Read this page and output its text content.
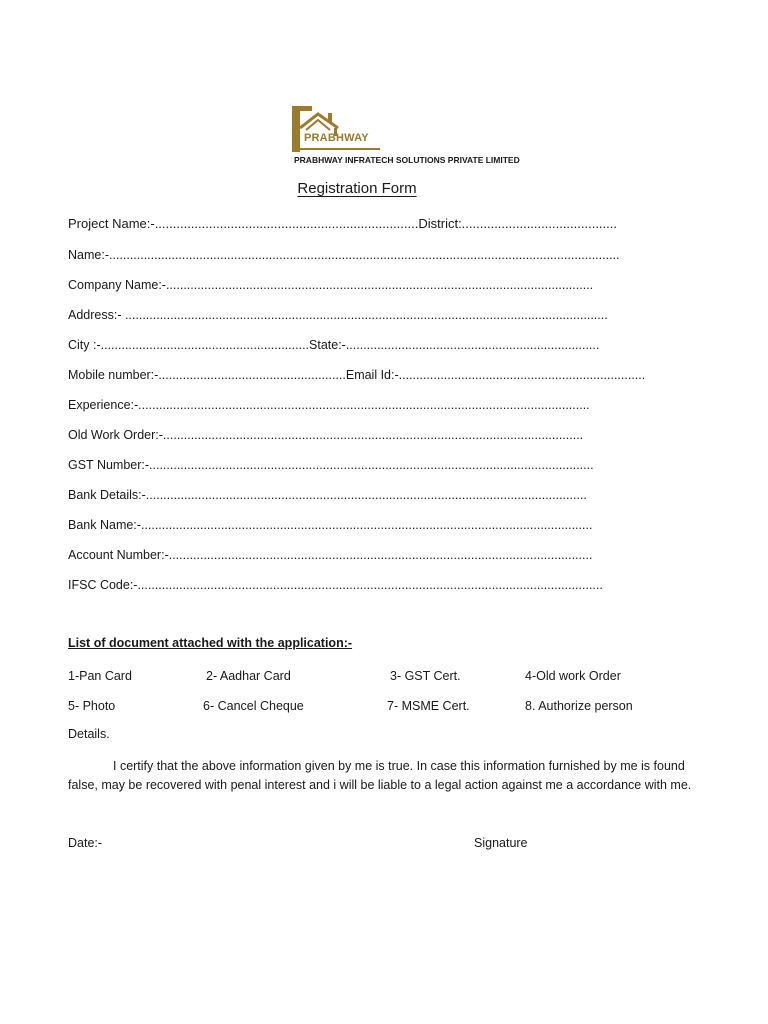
PRABHWAY
PRABHWAY INFRATECH SOLUTIONS PRIVATE LIMITED
Registration Form
Project Name:-.........................................................................District:...........................................
Name:-...................................................................................................................................................
Company Name:-...........................................................................................................................
Address:- ...........................................................................................................................................
City :-............................................................State:-.........................................................................
Mobile number:-......................................................Email Id:-.......................................................................
Experience:-..................................................................................................................................
Old Work Order:-.........................................................................................................................
GST Number:-................................................................................................................................
Bank Details:-...............................................................................................................................
Bank Name:-..................................................................................................................................
Account Number:-..........................................................................................................................
IFSC Code:-......................................................................................................................................
List of document attached with the application:-
1-Pan Card	2- Aadhar Card	3- GST Cert.	4-Old work Order
5- Photo	6- Cancel Cheque	7- MSME Cert.	8. Authorize person
Details.
I certify that the above information given by me is true. In case this information furnished by me is found false, may be recovered with penal interest and i will be liable to a legal action against me a accordance with me.
Date:-	Signature
